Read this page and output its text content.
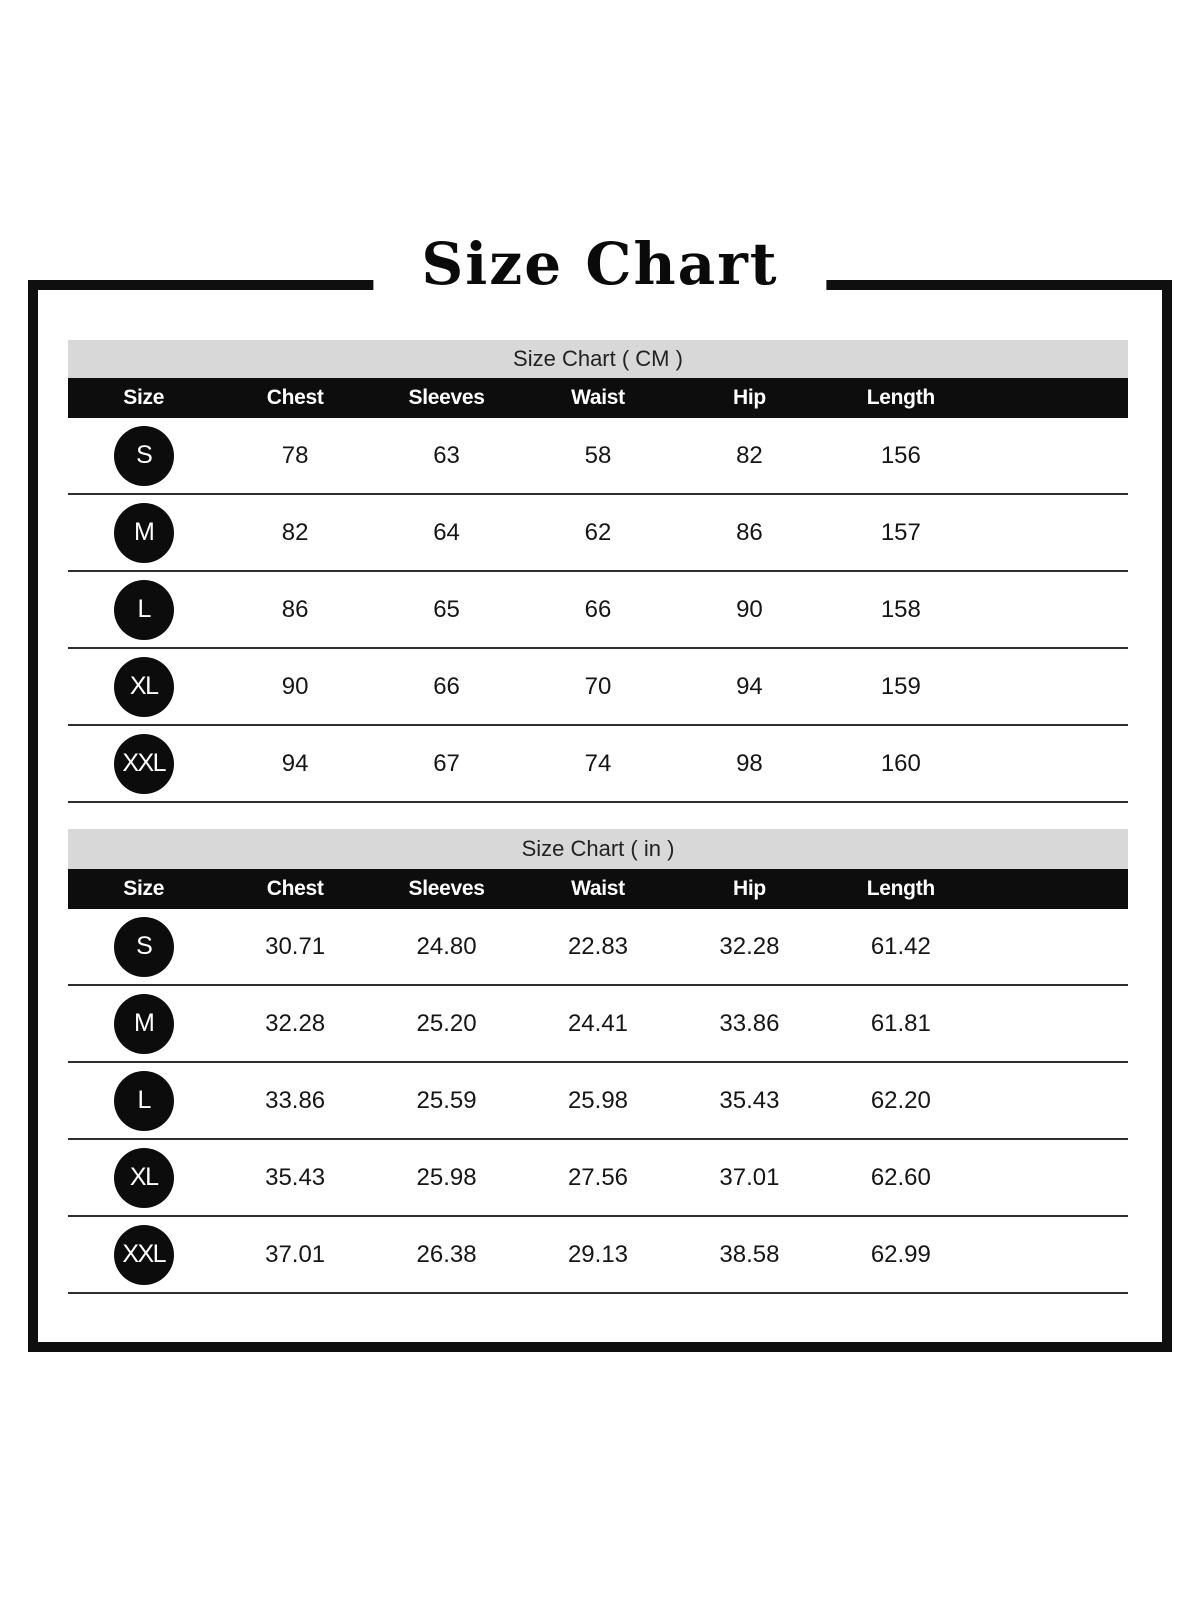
Size Chart
Size Chart ( CM )
Size	Chest	Sleeves	Waist	Hip	Length
S	78	63	58	82	156
M	82	64	62	86	157
L	86	65	66	90	158
XL	90	66	70	94	159
XXL	94	67	74	98	160
Size Chart ( in )
Size	Chest	Sleeves	Waist	Hip	Length
S	30.71	24.80	22.83	32.28	61.42
M	32.28	25.20	24.41	33.86	61.81
L	33.86	25.59	25.98	35.43	62.20
XL	35.43	25.98	27.56	37.01	62.60
XXL	37.01	26.38	29.13	38.58	62.99
